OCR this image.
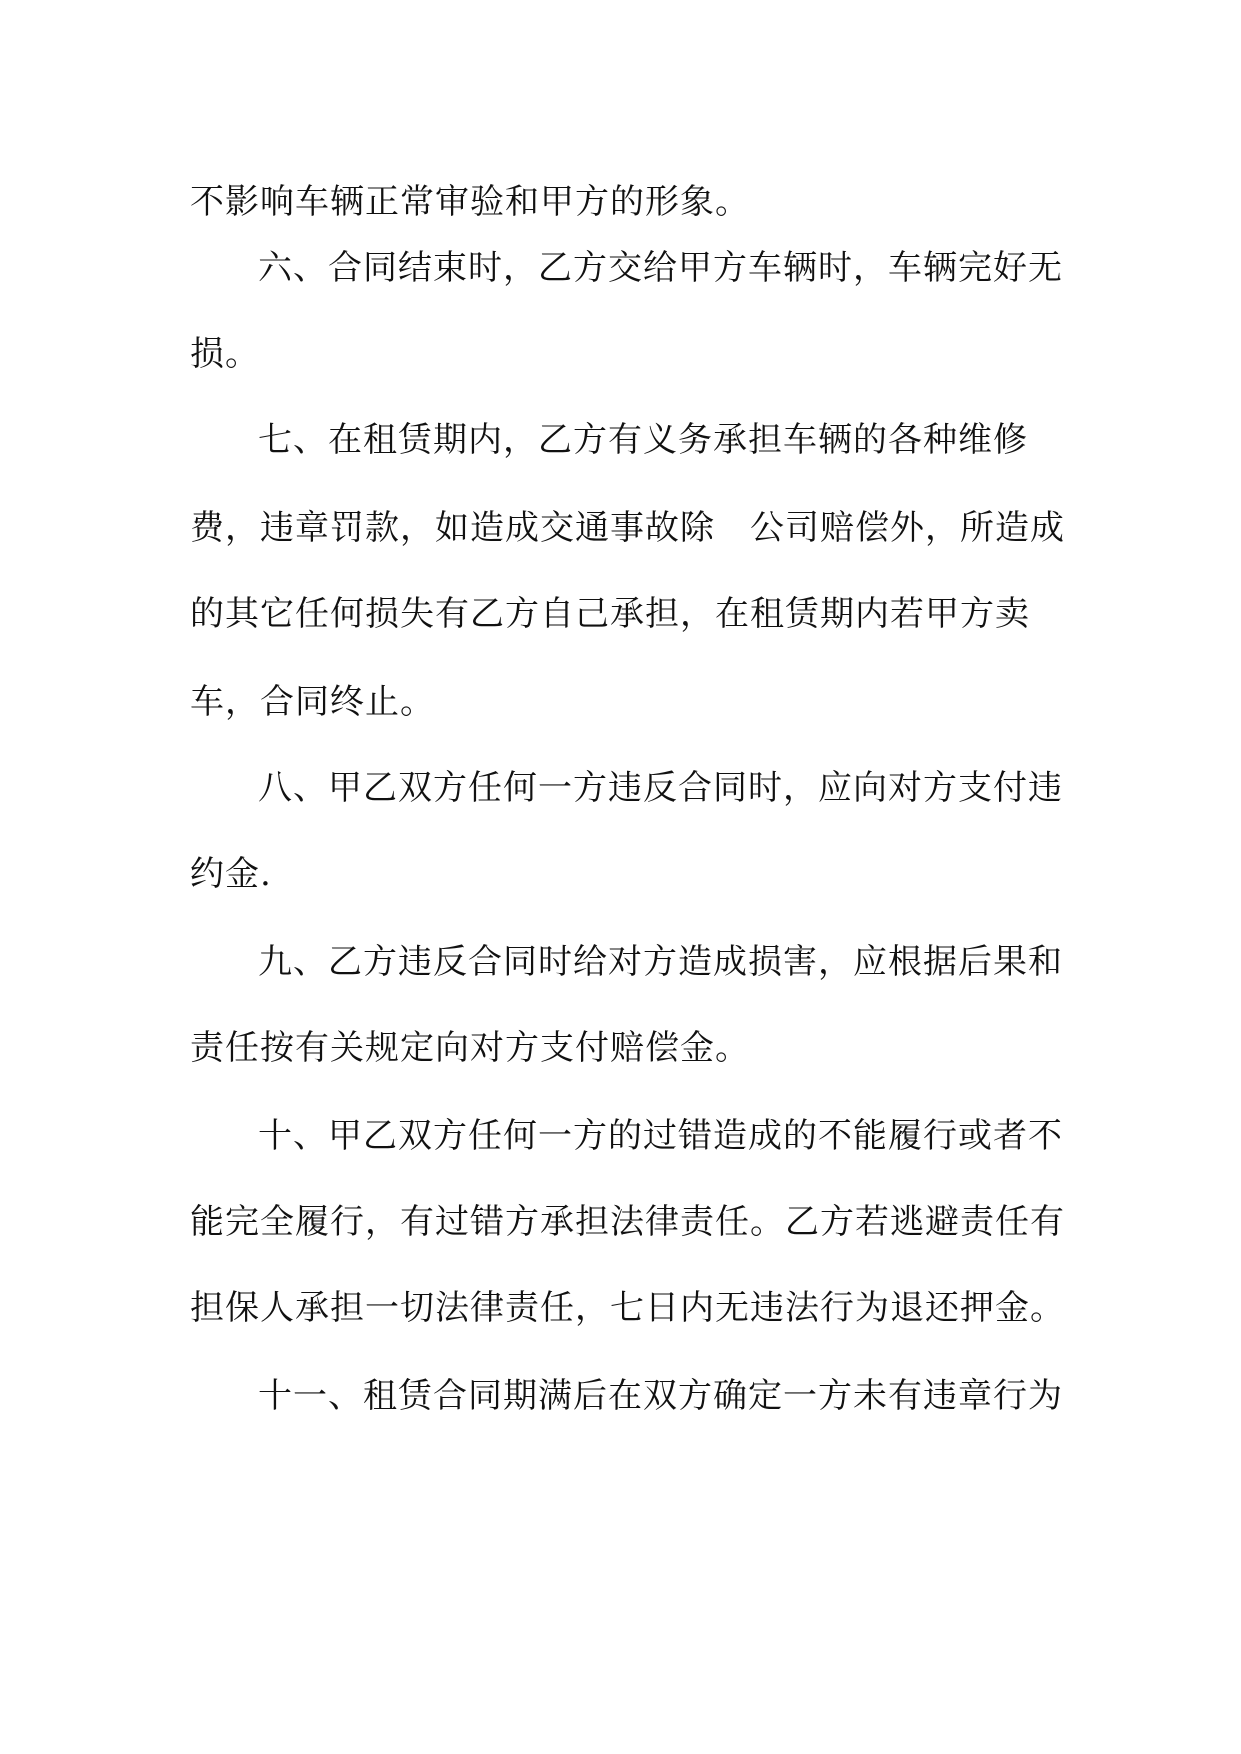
不影响车辆正常审验和甲方的形象。
六、合同结束时，乙方交给甲方车辆时，车辆完好无
损。
七、在租赁期内，乙方有义务承担车辆的各种维修
费，违章罚款，如造成交通事故除　公司赔偿外，所造成
的其它任何损失有乙方自己承担，在租赁期内若甲方卖
车，合同终止。
八、甲乙双方任何一方违反合同时，应向对方支付违
约金.
九、乙方违反合同时给对方造成损害，应根据后果和
责任按有关规定向对方支付赔偿金。
十、甲乙双方任何一方的过错造成的不能履行或者不
能完全履行，有过错方承担法律责任。乙方若逃避责任有
担保人承担一切法律责任，七日内无违法行为退还押金。
十一、租赁合同期满后在双方确定一方未有违章行为
